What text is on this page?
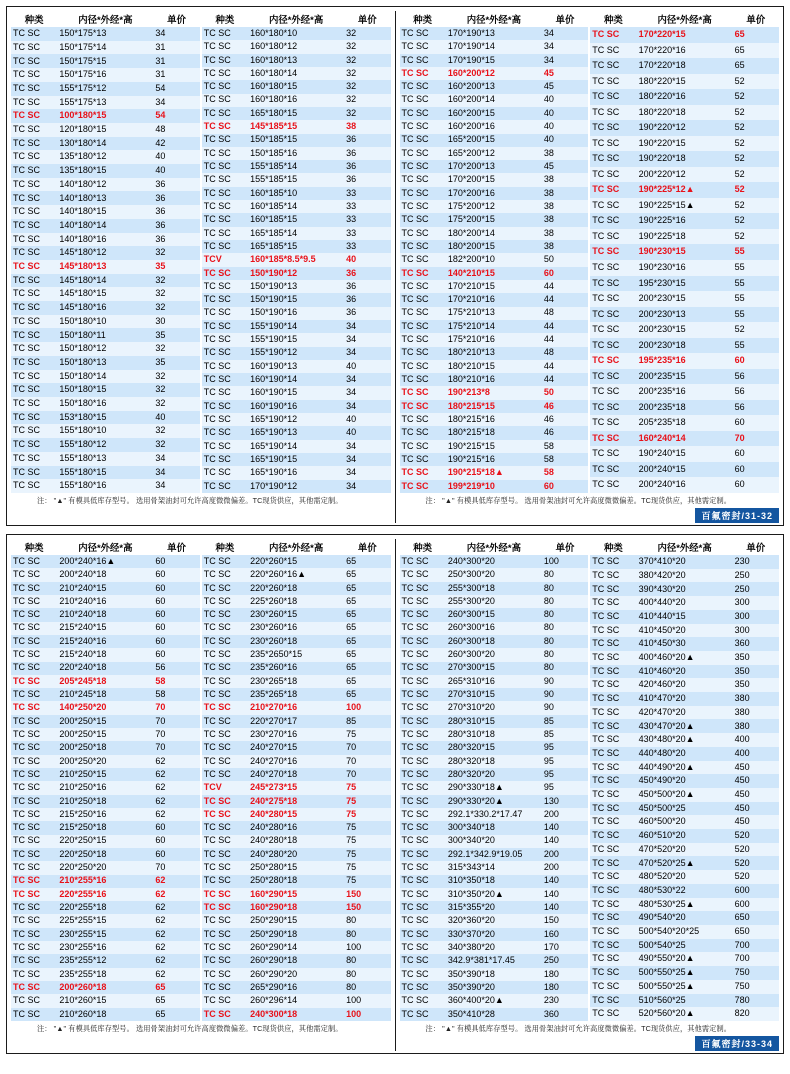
种类	内径*外经*高	单价
TC SC	150*175*13	34
TC SC	150*175*14	31
TC SC	150*175*15	31
TC SC	150*175*16	31
TC SC	155*175*12	54
TC SC	155*175*13	34
TC SC	100*180*15	54
TC SC	120*180*15	48
TC SC	130*180*14	42
TC SC	135*180*12	40
TC SC	135*180*15	40
TC SC	140*180*12	36
TC SC	140*180*13	36
TC SC	140*180*15	36
TC SC	140*180*14	36
TC SC	140*180*16	36
TC SC	145*180*12	32
TC SC	145*180*13	35
TC SC	145*180*14	32
TC SC	145*180*15	32
TC SC	145*180*16	32
TC SC	150*180*10	30
TC SC	150*180*11	35
TC SC	150*180*12	32
TC SC	150*180*13	35
TC SC	150*180*14	32
TC SC	150*180*15	32
TC SC	150*180*16	32
TC SC	153*180*15	40
TC SC	155*180*10	32
TC SC	155*180*12	32
TC SC	155*180*13	34
TC SC	155*180*15	34
TC SC	155*180*16	34
种类	内径*外经*高	单价
TC SC	160*180*10	32
TC SC	160*180*12	32
TC SC	160*180*13	32
TC SC	160*180*14	32
TC SC	160*180*15	32
TC SC	160*180*16	32
TC SC	165*180*15	32
TC SC	145*185*15	38
TC SC	150*185*15	36
TC SC	150*185*16	36
TC SC	155*185*14	36
TC SC	155*185*15	36
TC SC	160*185*10	33
TC SC	160*185*14	33
TC SC	160*185*15	33
TC SC	165*185*14	33
TC SC	165*185*15	33
TCV	160*185*8.5*9.5	40
TC SC	150*190*12	36
TC SC	150*190*13	36
TC SC	150*190*15	36
TC SC	150*190*16	36
TC SC	155*190*14	34
TC SC	155*190*15	34
TC SC	155*190*12	34
TC SC	160*190*13	40
TC SC	160*190*14	34
TC SC	160*190*15	34
TC SC	160*190*16	34
TC SC	165*190*12	40
TC SC	165*190*13	40
TC SC	165*190*14	34
TC SC	165*190*15	34
TC SC	165*190*16	34
TC SC	170*190*12	34
注： "▲" 有模具低库存型号。 选用骨架油封可允许高度微微偏差。TC现货供应，其他需定制。
种类	内径*外经*高	单价
TC SC	170*190*13	34
TC SC	170*190*14	34
TC SC	170*190*15	34
TC SC	160*200*12	45
TC SC	160*200*13	45
TC SC	160*200*14	40
TC SC	160*200*15	40
TC SC	160*200*16	40
TC SC	165*200*15	40
TC SC	165*200*12	38
TC SC	170*200*13	45
TC SC	170*200*15	38
TC SC	170*200*16	38
TC SC	175*200*12	38
TC SC	175*200*15	38
TC SC	180*200*14	38
TC SC	180*200*15	38
TC SC	182*200*10	50
TC SC	140*210*15	60
TC SC	170*210*15	44
TC SC	170*210*16	44
TC SC	175*210*13	48
TC SC	175*210*14	44
TC SC	175*210*16	44
TC SC	180*210*13	48
TC SC	180*210*15	44
TC SC	180*210*16	44
TC SC	190*213*8	50
TC SC	180*215*15	46
TC SC	180*215*16	46
TC SC	180*215*18	46
TC SC	190*215*15	58
TC SC	190*215*16	58
TC SC	190*215*18▲	58
TC SC	199*219*10	60
种类	内径*外经*高	单价
TC SC	170*220*15	65
TC SC	170*220*16	65
TC SC	170*220*18	65
TC SC	180*220*15	52
TC SC	180*220*16	52
TC SC	180*220*18	52
TC SC	190*220*12	52
TC SC	190*220*15	52
TC SC	190*220*18	52
TC SC	200*220*12	52
TC SC	190*225*12▲	52
TC SC	190*225*15▲	52
TC SC	190*225*16	52
TC SC	190*225*18	52
TC SC	190*230*15	55
TC SC	190*230*16	55
TC SC	195*230*15	55
TC SC	200*230*15	55
TC SC	200*230*13	55
TC SC	200*230*15	52
TC SC	200*230*18	55
TC SC	195*235*16	60
TC SC	200*235*15	56
TC SC	200*235*16	56
TC SC	200*235*18	56
TC SC	205*235*18	60
TC SC	160*240*14	70
TC SC	190*240*15	60
TC SC	200*240*15	60
TC SC	200*240*16	60
注： "▲" 有模具低库存型号。 选用骨架油封可允许高度微微偏差。TC现货供应，其他需定制。
百氟密封/31-32
种类	内径*外经*高	单价
TC SC	200*240*16▲	60
TC SC	200*240*18	60
TC SC	210*240*15	60
TC SC	210*240*16	60
TC SC	210*240*18	60
TC SC	215*240*15	60
TC SC	215*240*16	60
TC SC	215*240*18	60
TC SC	220*240*18	56
TC SC	205*245*18	58
TC SC	210*245*18	58
TC SC	140*250*20	70
TC SC	200*250*15	70
TC SC	200*250*15	70
TC SC	200*250*18	70
TC SC	200*250*20	62
TC SC	210*250*15	62
TC SC	210*250*16	62
TC SC	210*250*18	62
TC SC	215*250*16	62
TC SC	215*250*18	60
TC SC	220*250*15	60
TC SC	220*250*18	60
TC SC	220*250*20	70
TC SC	210*255*16	62
TC SC	220*255*16	62
TC SC	220*255*18	62
TC SC	225*255*15	62
TC SC	230*255*15	62
TC SC	230*255*16	62
TC SC	235*255*12	62
TC SC	235*255*18	62
TC SC	200*260*18	65
TC SC	210*260*15	65
TC SC	210*260*18	65
种类	内径*外经*高	单价
TC SC	220*260*15	65
TC SC	220*260*16▲	65
TC SC	220*260*18	65
TC SC	225*260*18	65
TC SC	230*260*15	65
TC SC	230*260*16	65
TC SC	230*260*18	65
TC SC	235*2650*15	65
TC SC	235*260*16	65
TC SC	230*265*18	65
TC SC	235*265*18	65
TC SC	210*270*16	100
TC SC	220*270*17	85
TC SC	230*270*16	75
TC SC	240*270*15	70
TC SC	240*270*16	70
TC SC	240*270*18	70
TCV	245*273*15	75
TC SC	240*275*18	75
TC SC	240*280*15	75
TC SC	240*280*16	75
TC SC	240*280*18	75
TC SC	240*280*20	75
TC SC	250*280*15	75
TC SC	250*280*18	75
TC SC	160*290*15	150
TC SC	160*290*18	150
TC SC	250*290*15	80
TC SC	250*290*18	80
TC SC	260*290*14	100
TC SC	260*290*18	80
TC SC	260*290*20	80
TC SC	265*290*16	80
TC SC	260*296*14	100
TC SC	240*300*18	100
注： "▲" 有模具低库存型号。 选用骨架油封可允许高度微微偏差。TC现货供应，其他需定制。
种类	内径*外经*高	单价
TC SC	240*300*20	100
TC SC	250*300*20	80
TC SC	255*300*18	80
TC SC	255*300*20	80
TC SC	260*300*15	80
TC SC	260*300*16	80
TC SC	260*300*18	80
TC SC	260*300*20	80
TC SC	270*300*15	80
TC SC	265*310*16	90
TC SC	270*310*15	90
TC SC	270*310*20	90
TC SC	280*310*15	85
TC SC	280*310*18	85
TC SC	280*320*15	95
TC SC	280*320*18	95
TC SC	280*320*20	95
TC SC	290*330*18▲	95
TC SC	290*330*20▲	130
TC SC	292.1*330.2*17.47	200
TC SC	300*340*18	140
TC SC	300*340*20	140
TC SC	292.1*342.9*19.05	200
TC SC	315*343*14	200
TC SC	310*350*18	140
TC SC	310*350*20▲	140
TC SC	315*355*20	140
TC SC	320*360*20	150
TC SC	330*370*20	160
TC SC	340*380*20	170
TC SC	342.9*381*17.45	250
TC SC	350*390*18	180
TC SC	350*390*20	180
TC SC	360*400*20▲	230
TC SC	350*410*28	360
种类	内径*外经*高	单价
TC SC	370*410*20	230
TC SC	380*420*20	250
TC SC	390*430*20	250
TC SC	400*440*20	300
TC SC	410*440*15	300
TC SC	410*450*20	300
TC SC	410*450*30	360
TC SC	400*460*20▲	350
TC SC	410*460*20	350
TC SC	420*460*20	350
TC SC	410*470*20	380
TC SC	420*470*20	380
TC SC	430*470*20▲	380
TC SC	430*480*20▲	400
TC SC	440*480*20	400
TC SC	440*490*20▲	450
TC SC	450*490*20	450
TC SC	450*500*20▲	450
TC SC	450*500*25	450
TC SC	460*500*20	450
TC SC	460*510*20	520
TC SC	470*520*20	520
TC SC	470*520*25▲	520
TC SC	480*520*20	520
TC SC	480*530*22	600
TC SC	480*530*25▲	600
TC SC	490*540*20	650
TC SC	500*540*20*25	650
TC SC	500*540*25	700
TC SC	490*550*20▲	700
TC SC	500*550*25▲	750
TC SC	500*550*25▲	750
TC SC	510*560*25	780
TC SC	520*560*20▲	820
注： "▲" 有模具低库存型号。 选用骨架油封可允许高度微微偏差。TC现货供应，其他需定制。
百氟密封/33-34
